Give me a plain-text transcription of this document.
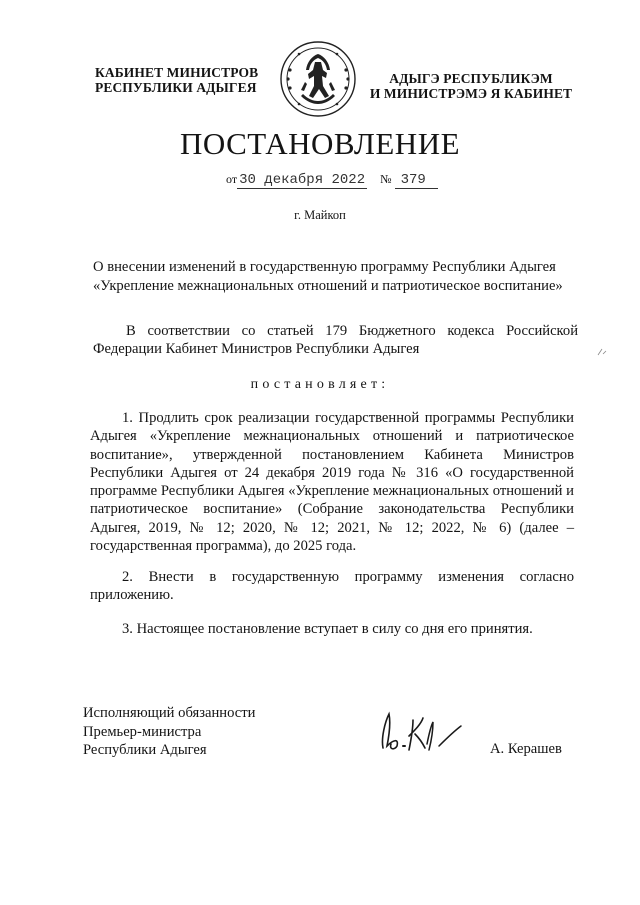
КАБИНЕТ МИНИСТРОВ
РЕСПУБЛИКИ АДЫГЕЯ
АДЫГЭ РЕСПУБЛИКЭМ
И МИНИСТРЭМЭ Я КАБИНЕТ
ПОСТАНОВЛЕНИЕ
от 30 декабря 2022 № 379
г. Майкоп
О внесении изменений в государственную программу Республики Адыгея «Укрепление межнациональных отношений и патриотическое воспитание»
В соответствии со статьей 179 Бюджетного кодекса Российской Федерации Кабинет Министров Республики Адыгея
постановляет:
1. Продлить срок реализации государственной программы Республики Адыгея «Укрепление межнациональных отношений и патриотическое воспитание», утвержденной постановлением Кабинета Министров Республики Адыгея от 24 декабря 2019 года № 316 «О государственной программе Республики Адыгея «Укрепление межнациональных отношений и патриотическое воспитание» (Собрание законодательства Республики Адыгея, 2019, № 12; 2020, № 12; 2021, № 12; 2022, № 6) (далее – государственная программа), до 2025 года.
2. Внести в государственную программу изменения согласно приложению.
3. Настоящее постановление вступает в силу со дня его принятия.
Исполняющий обязанности
Премьер-министра
Республики Адыгея	А. Керашев
